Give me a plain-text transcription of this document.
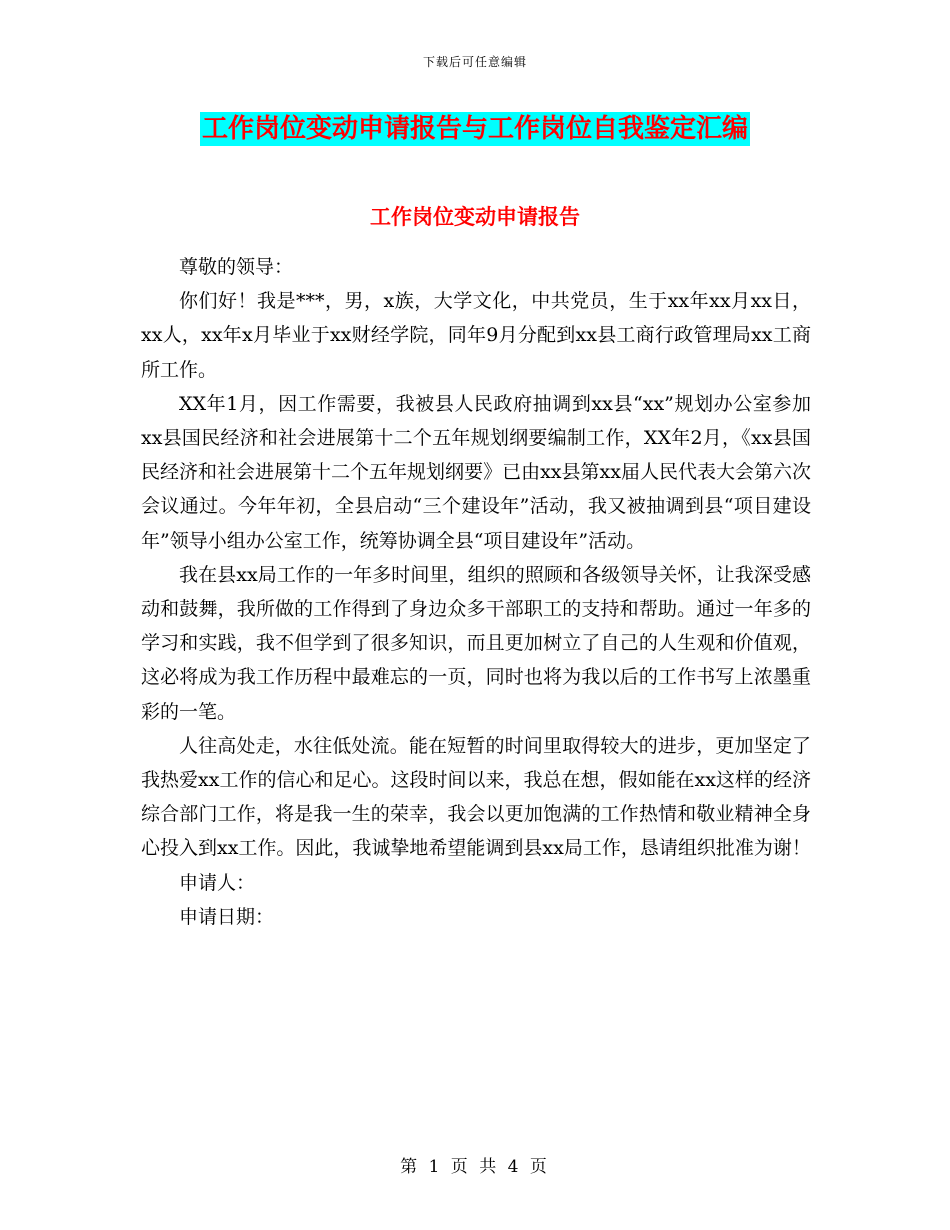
下载后可任意编辑
工作岗位变动申请报告与工作岗位自我鉴定汇编
工作岗位变动申请报告

尊敬的领导：

你们好！我是***，男，x族，大学文化，中共党员，生于xx年xx月xx日，xx人，xx年x月毕业于xx财经学院，同年9月分配到xx县工商行政管理局xx工商所工作。

XX年1月，因工作需要，我被县人民政府抽调到xx县“xx”规划办公室参加xx县国民经济和社会进展第十二个五年规划纲要编制工作，XX年2月，《xx县国民经济和社会进展第十二个五年规划纲要》已由xx县第xx届人民代表大会第六次会议通过。今年年初，全县启动“三个建设年”活动，我又被抽调到县“项目建设年”领导小组办公室工作，统筹协调全县“项目建设年”活动。

我在县xx局工作的一年多时间里，组织的照顾和各级领导关怀，让我深受感动和鼓舞，我所做的工作得到了身边众多干部职工的支持和帮助。通过一年多的学习和实践，我不但学到了很多知识，而且更加树立了自己的人生观和价值观，这必将成为我工作历程中最难忘的一页，同时也将为我以后的工作书写上浓墨重彩的一笔。

人往高处走，水往低处流。能在短暂的时间里取得较大的进步，更加坚定了我热爱xx工作的信心和足心。这段时间以来，我总在想，假如能在xx这样的经济综合部门工作，将是我一生的荣幸，我会以更加饱满的工作热情和敬业精神全身心投入到xx工作。因此，我诚挚地希望能调到县xx局工作，恳请组织批准为谢！

申请人：

申请日期：

第 1 页 共 4 页
